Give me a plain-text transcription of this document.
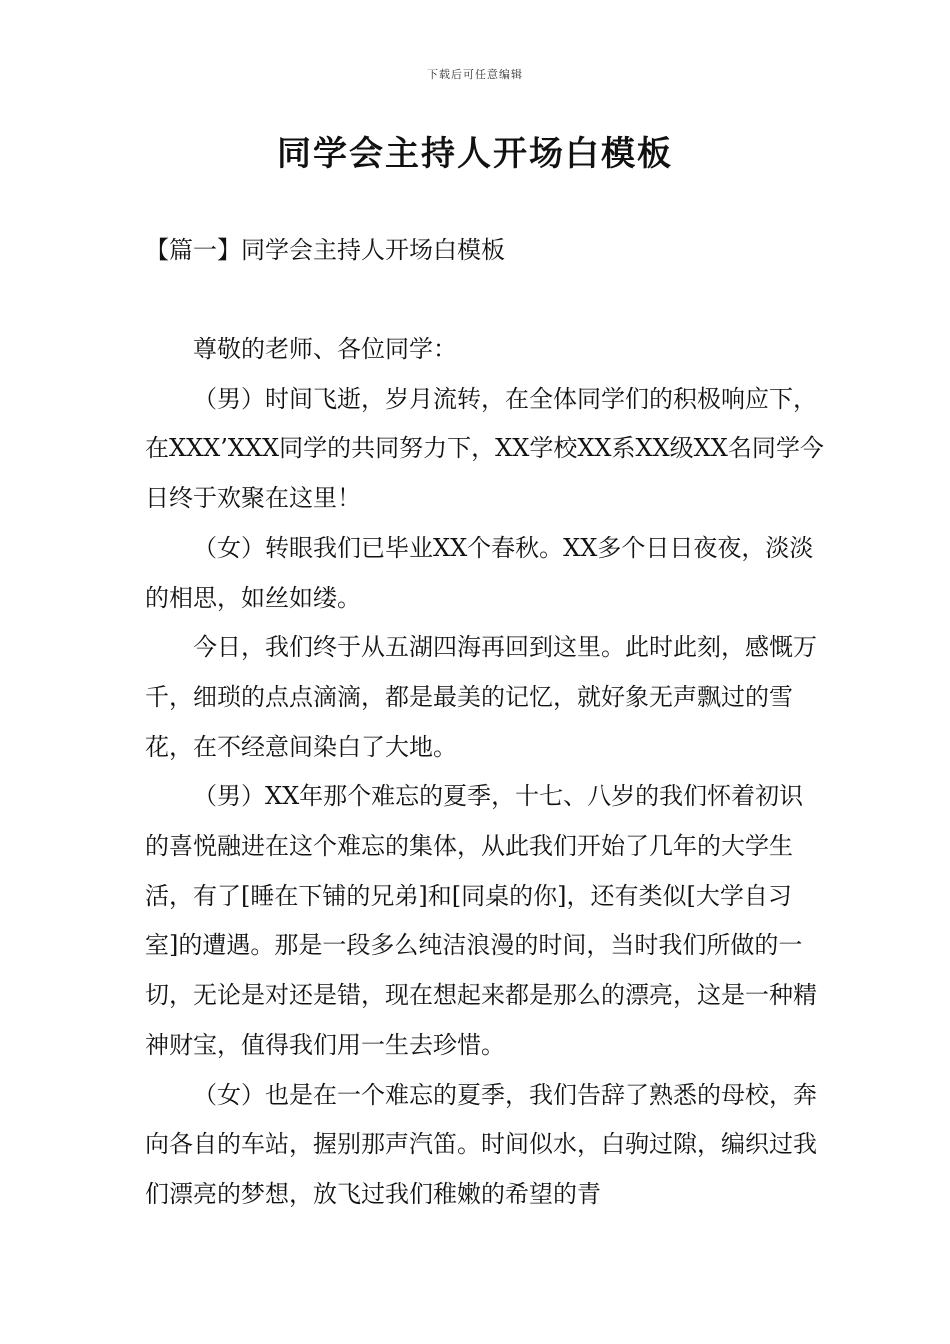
下载后可任意编辑
同学会主持人开场白模板
【篇一】同学会主持人开场白模板

尊敬的老师、各位同学：

（男）时间飞逝，岁月流转，在全体同学们的积极响应下，在XXX’XXX同学的共同努力下，XX学校XX系XX级XX名同学今日终于欢聚在这里！

（女）转眼我们已毕业XX个春秋。XX多个日日夜夜，淡淡的相思，如丝如缕。

今日，我们终于从五湖四海再回到这里。此时此刻，感慨万千，细琐的点点滴滴，都是最美的记忆，就好象无声飘过的雪花，在不经意间染白了大地。

（男）XX年那个难忘的夏季，十七、八岁的我们怀着初识的喜悦融进在这个难忘的集体，从此我们开始了几年的大学生活，有了[睡在下铺的兄弟]和[同桌的你]，还有类似[大学自习室]的遭遇。那是一段多么纯洁浪漫的时间，当时我们所做的一切，无论是对还是错，现在想起来都是那么的漂亮，这是一种精神财宝，值得我们用一生去珍惜。

（女）也是在一个难忘的夏季，我们告辞了熟悉的母校，奔向各自的车站，握别那声汽笛。时间似水，白驹过隙，编织过我们漂亮的梦想，放飞过我们稚嫩的希望的青
